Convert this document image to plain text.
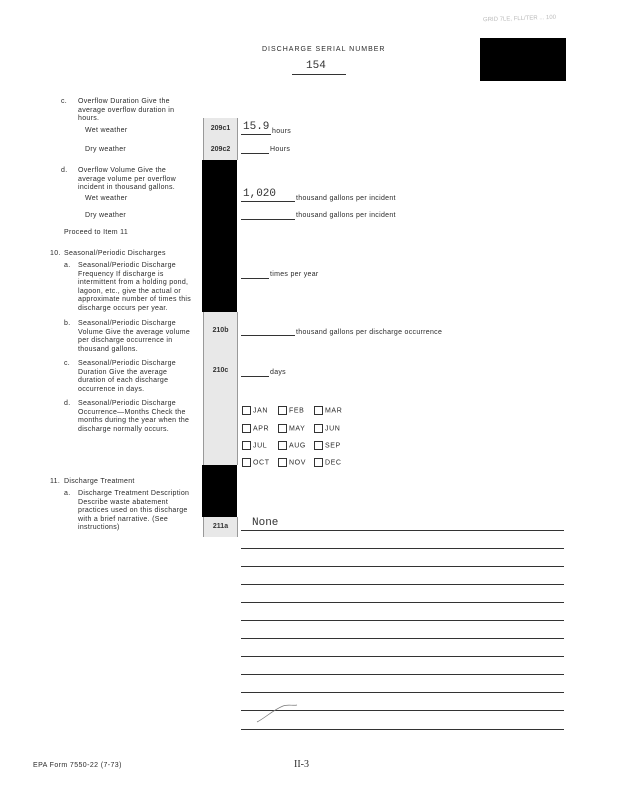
GRID 7LE, FLL/TER ... 100
DISCHARGE SERIAL NUMBER
154
c. Overflow Duration Give the average overflow duration in hours.
Wet weather	209c1	15.9 hours
Dry weather	209c2	Hours
d. Overflow Volume Give the average volume per overflow incident in thousand gallons.
Wet weather	1,020	thousand gallons per incident
Dry weather	thousand gallons per incident
Proceed to Item 11
10. Seasonal/Periodic Discharges
a. Seasonal/Periodic Discharge Frequency If discharge is intermittent from a holding pond, lagoon, etc., give the actual or approximate number of times this discharge occurs per year.
times per year
b. Seasonal/Periodic Discharge Volume Give the average volume per discharge occurrence in thousand gallons.
210b	thousand gallons per discharge occurrence
c. Seasonal/Periodic Discharge Duration Give the average duration of each discharge occurrence in days.
210c	days
d. Seasonal/Periodic Discharge Occurrence—Months Check the months during the year when the discharge normally occurs.
JAN	FEB	MAR
APR	MAY	JUN
JUL	AUG	SEP
OCT	NOV	DEC
11. Discharge Treatment
a. Discharge Treatment Description Describe waste abatement practices used on this discharge with a brief narrative. (See instructions)	211a	None
EPA Form 7550-22 (7-73)	II-3
